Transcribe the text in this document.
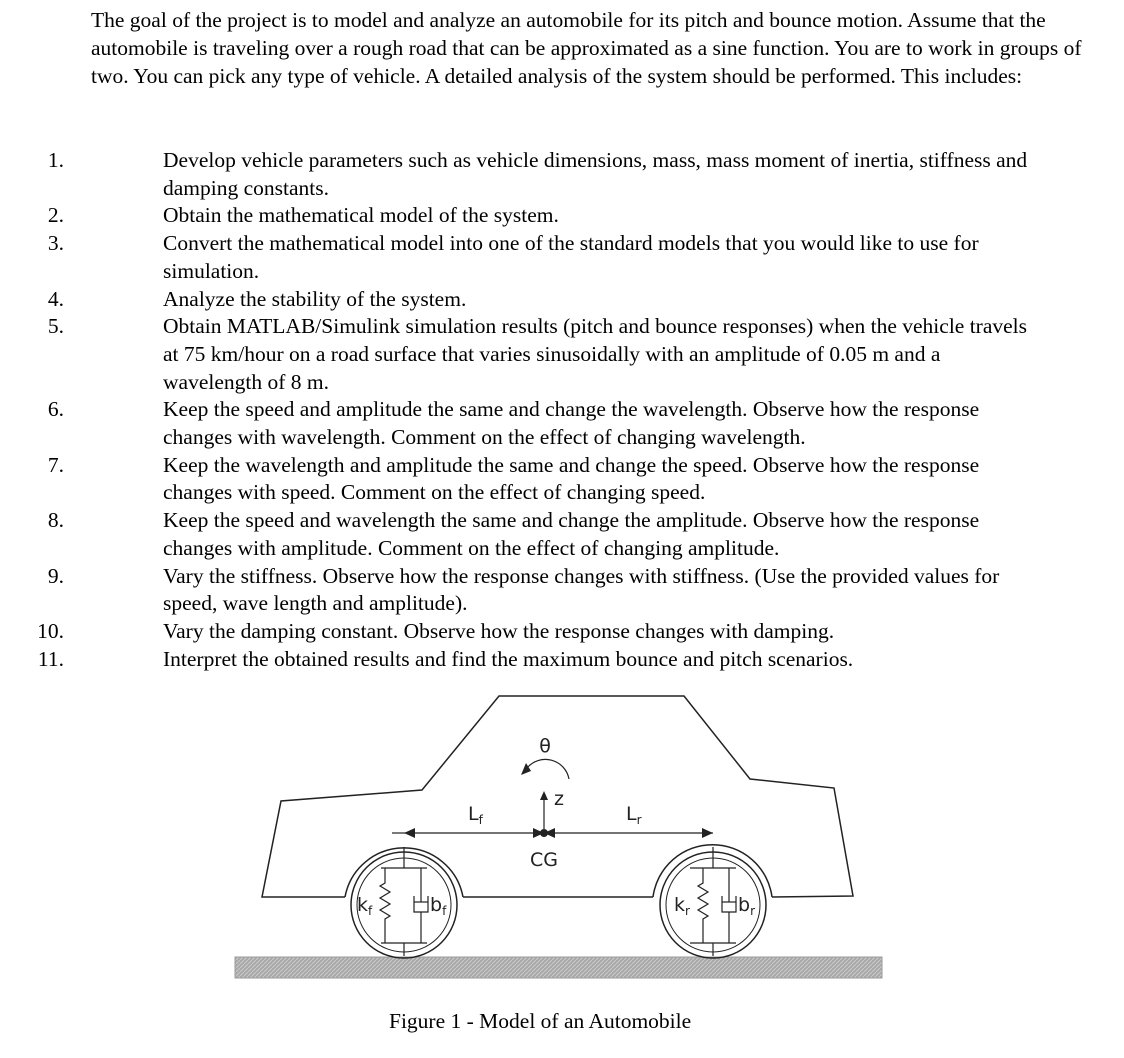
The goal of the project is to model and analyze an automobile for its pitch and bounce motion. Assume that the automobile is traveling over a rough road that can be approximated as a sine function. You are to work in groups of two. You can pick any type of vehicle. A detailed analysis of the system should be performed. This includes:

1.	Develop vehicle parameters such as vehicle dimensions, mass, mass moment of inertia, stiffness and damping constants.
2.	Obtain the mathematical model of the system.
3.	Convert the mathematical model into one of the standard models that you would like to use for simulation.
4.	Analyze the stability of the system.
5.	Obtain MATLAB/Simulink simulation results (pitch and bounce responses) when the vehicle travels at 75 km/hour on a road surface that varies sinusoidally with an amplitude of 0.05 m and a wavelength of 8 m.
6.	Keep the speed and amplitude the same and change the wavelength. Observe how the response changes with wavelength. Comment on the effect of changing wavelength.
7.	Keep the wavelength and amplitude the same and change the speed. Observe how the response changes with speed. Comment on the effect of changing speed.
8.	Keep the speed and wavelength the same and change the amplitude. Observe how the response changes with amplitude. Comment on the effect of changing amplitude.
9.	Vary the stiffness. Observe how the response changes with stiffness. (Use the provided values for speed, wave length and amplitude).
10.	Vary the damping constant. Observe how the response changes with damping.
11.	Interpret the obtained results and find the maximum bounce and pitch scenarios.
θ
z
$L_f$	$L_r$
CG
$k_f$	$b_f$	$k_r$	$b_r$

Figure 1 - Model of an Automobile
